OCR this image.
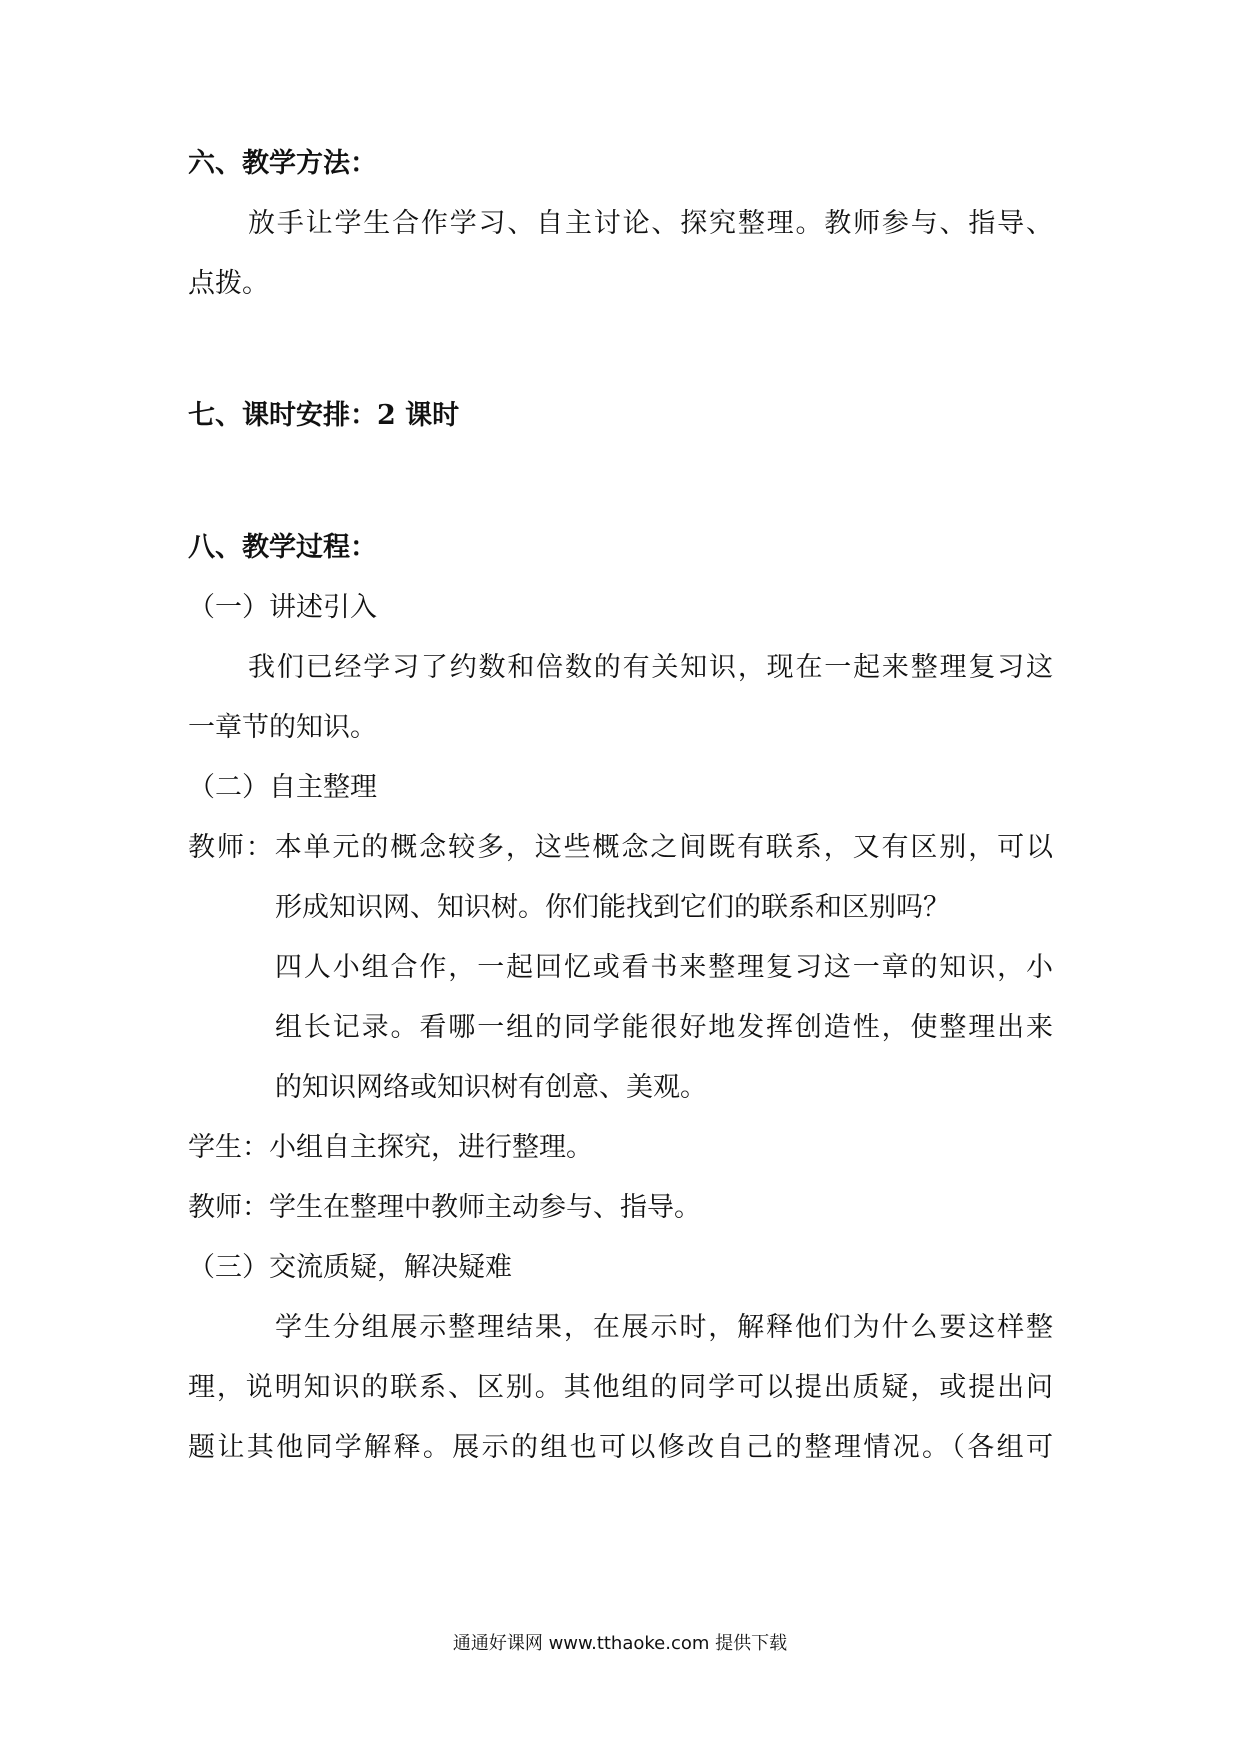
六、教学方法：

放手让学生合作学习、自主讨论、探究整理。教师参与、指导、

点拨。

七、课时安排：2 课时

八、教学过程：

（一）讲述引入

我们已经学习了约数和倍数的有关知识，现在一起来整理复习这

一章节的知识。

（二）自主整理

教师：本单元的概念较多，这些概念之间既有联系，又有区别，可以

形成知识网、知识树。你们能找到它们的联系和区别吗？

四人小组合作，一起回忆或看书来整理复习这一章的知识，小

组长记录。看哪一组的同学能很好地发挥创造性，使整理出来

的知识网络或知识树有创意、美观。

学生：小组自主探究，进行整理。

教师：学生在整理中教师主动参与、指导。

（三）交流质疑，解决疑难

学生分组展示整理结果，在展示时，解释他们为什么要这样整

理，说明知识的联系、区别。其他组的同学可以提出质疑，或提出问

题让其他同学解释。展示的组也可以修改自己的整理情况。（各组可

通通好课网 www.tthaoke.com 提供下载
